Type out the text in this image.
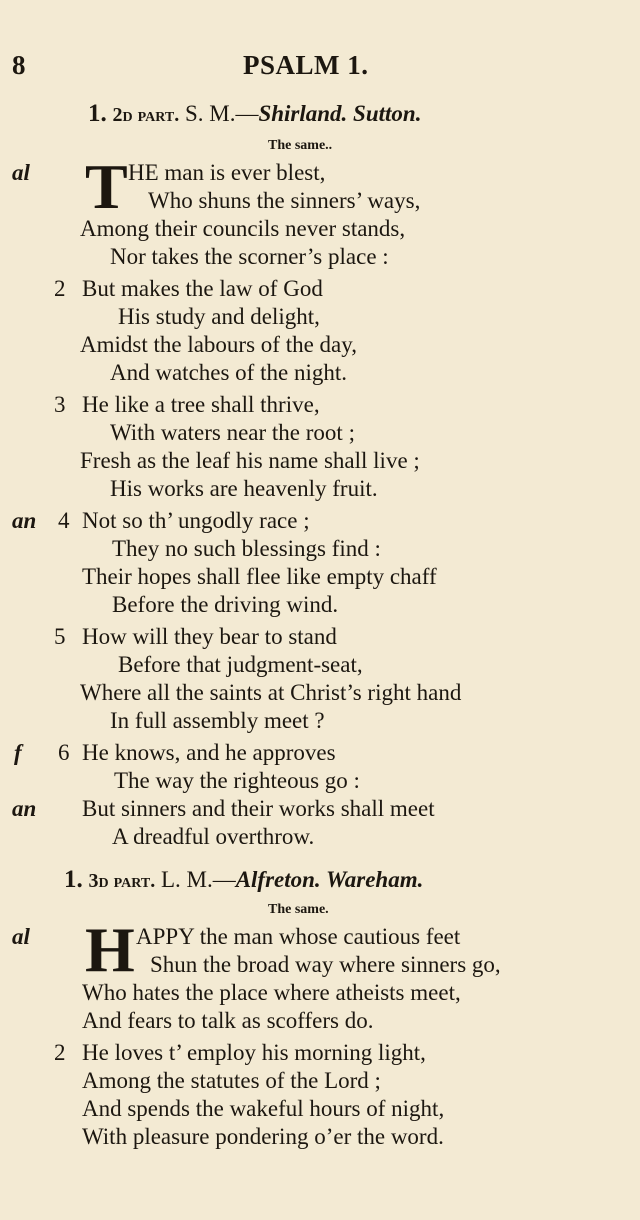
8	PSALM 1.
1. 2d part. S. M.—Shirland. Sutton.
The same..
T
al	HE man is ever blest,
Who shuns the sinners’ ways,
Among their councils never stands,
Nor takes the scorner’s place :
2 But makes the law of God
His study and delight,
Amidst the labours of the day,
And watches of the night.
3 He like a tree shall thrive,
With waters near the root ;
Fresh as the leaf his name shall live ;
His works are heavenly fruit.
an 4 Not so th’ ungodly race ;
They no such blessings find :
Their hopes shall flee like empty chaff
Before the driving wind.
5 How will they bear to stand
Before that judgment-seat,
Where all the saints at Christ’s right hand
In full assembly meet ?
f 6 He knows, and he approves
The way the righteous go :
an But sinners and their works shall meet
A dreadful overthrow.
1. 3d part. L. M.—Alfreton. Wareham.
The same.
H
al	APPY the man whose cautious feet
Shun the broad way where sinners go,
Who hates the place where atheists meet,
And fears to talk as scoffers do.
2 He loves t’ employ his morning light,
Among the statutes of the Lord ;
And spends the wakeful hours of night,
With pleasure pondering o’er the word.
